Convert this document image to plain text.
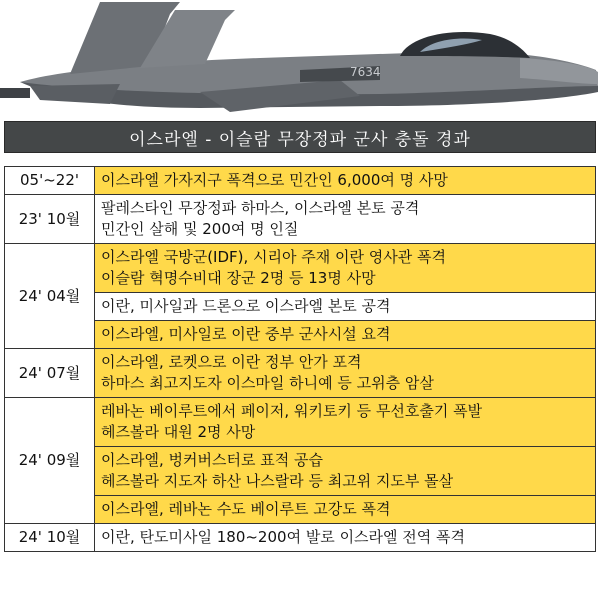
7634
이스라엘 - 이슬람 무장정파 군사 충돌 경과
05'~22'	이스라엘 가자지구 폭격으로 민간인 6,000여 명 사망

23' 10월	팔레스타인 무장정파 하마스, 이스라엘 본토 공격
민간인 살해 및 200여 명 인질

24' 04월	이스라엘 국방군(IDF), 시리아 주재 이란 영사관 폭격
이슬람 혁명수비대 장군 2명 등 13명 사망

	이란, 미사일과 드론으로 이스라엘 본토 공격

	이스라엘, 미사일로 이란 중부 군사시설 요격

24' 07월	이스라엘, 로켓으로 이란 정부 안가 포격
하마스 최고지도자 이스마일 하니예 등 고위층 암살

24' 09월	레바논 베이루트에서 페이저, 워키토키 등 무선호출기 폭발
헤즈볼라 대원 2명 사망

	이스라엘, 벙커버스터로 표적 공습
헤즈볼라 지도자 하산 나스랄라 등 최고위 지도부 몰살

	이스라엘, 레바논 수도 베이루트 고강도 폭격

24' 10월	이란, 탄도미사일 180~200여 발로 이스라엘 전역 폭격
